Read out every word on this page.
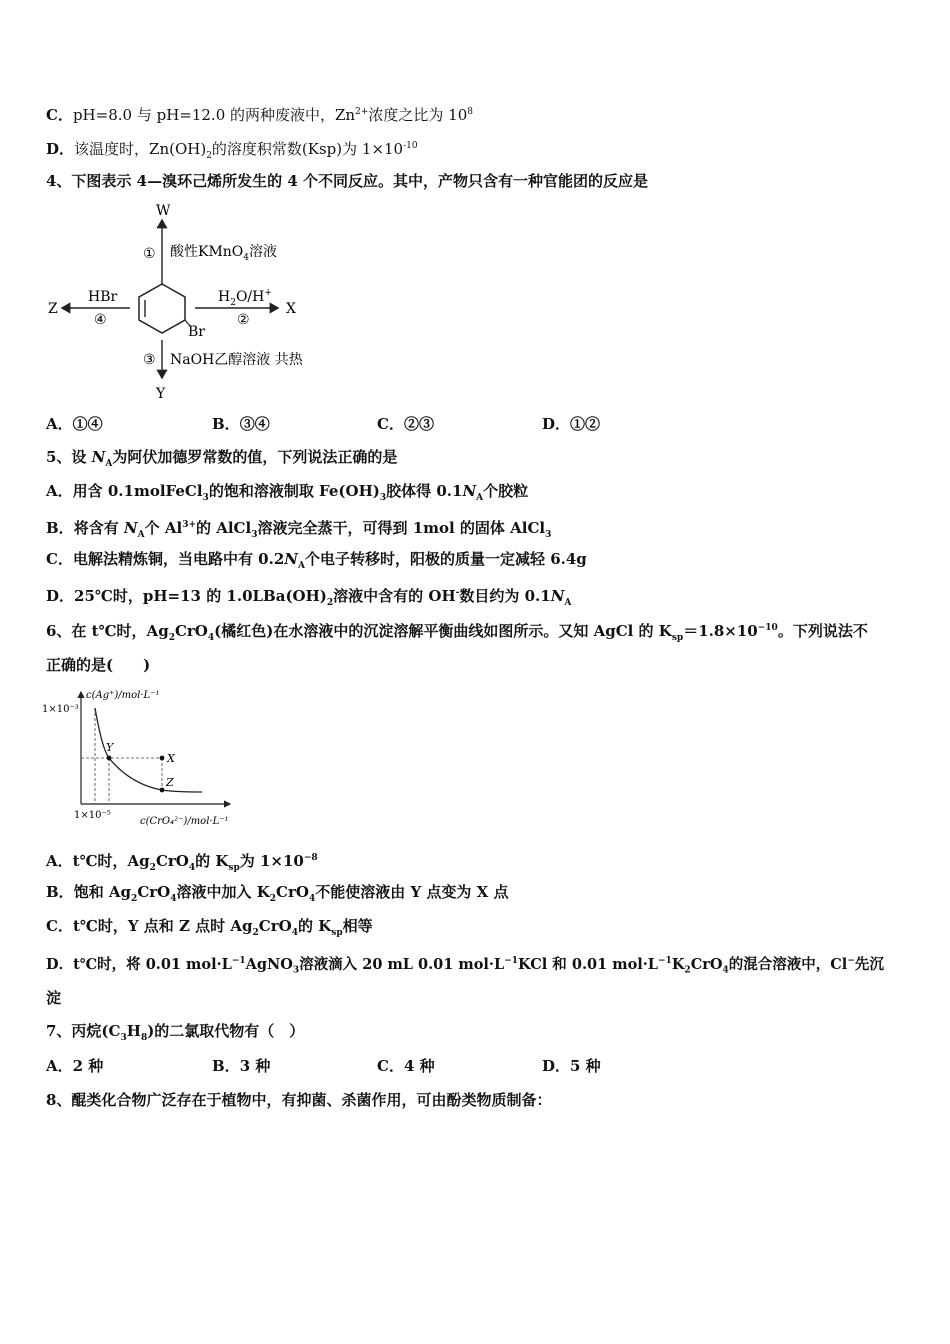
C．pH=8.0 与 pH=12.0 的两种废液中，$Zn^{2+}$浓度之比为 $10^8$
D．该温度时，$Zn(OH)_2$的溶度积常数(Ksp)为 $1\times 10^{-10}$
4、下图表示 4—溴环己烯所发生的 4 个不同反应。其中，产物只含有一种官能团的反应是
W
① 酸性KMnO$_4$溶液
Br
$H_2O/H^+$
②
X
HBr
④
Z
③ NaOH乙醇溶液 共热
Y
A．①④	B．③④	C．②③	D．①②
5、设 $N_A$为阿伏加德罗常数的值，下列说法正确的是
A．用含 0.1molFeCl$_3$的饱和溶液制取 $Fe(OH)_3$胶体得 $0.1N_A$个胶粒
B．将含有 $N_A$个 $Al^{3+}$的 AlCl$_3$溶液完全蒸干，可得到 1mol 的固体 AlCl$_3$
C．电解法精炼铜，当电路中有 $0.2N_A$个电子转移时，阳极的质量一定减轻 6.4g
D．25℃时，pH=13 的 $1.0LBa(OH)_2$溶液中含有的 OH-数目约为 $0.1N_A$
6、在 t℃时，$Ag_2CrO_4$(橘红色)在水溶液中的沉淀溶解平衡曲线如图所示。又知 AgCl 的 $K_{sp}=1.8\times 10^{-10}$。下列说法不
正确的是(　　)
c(Ag⁺)/mol·L⁻¹
1×10⁻³
1×10⁻⁵
c(CrO₄²⁻)/mol·L⁻¹
Y
X
Z
A．t℃时，$Ag_2CrO_4$的 $K_{sp}$为 $1\times 10^{-8}$
B．饱和 $Ag_2CrO_4$溶液中加入 $K_2CrO_4$不能使溶液由 Y 点变为 X 点
C．t℃时，Y 点和 Z 点时 $Ag_2CrO_4$的 $K_{sp}$相等
D．t℃时，将 0.01 $mol\cdot L^{-1}AgNO_3$溶液滴入 20 mL 0.01 $mol\cdot L^{-1}KCl$ 和 0.01 $mol\cdot L^{-1}K_2CrO_4$的混合溶液中，Cl−先沉
淀
7、丙烷$(C_3H_8)$的二氯取代物有（　）
A．2 种	B．3 种	C．4 种	D．5 种
8、醌类化合物广泛存在于植物中，有抑菌、杀菌作用，可由酚类物质制备：
